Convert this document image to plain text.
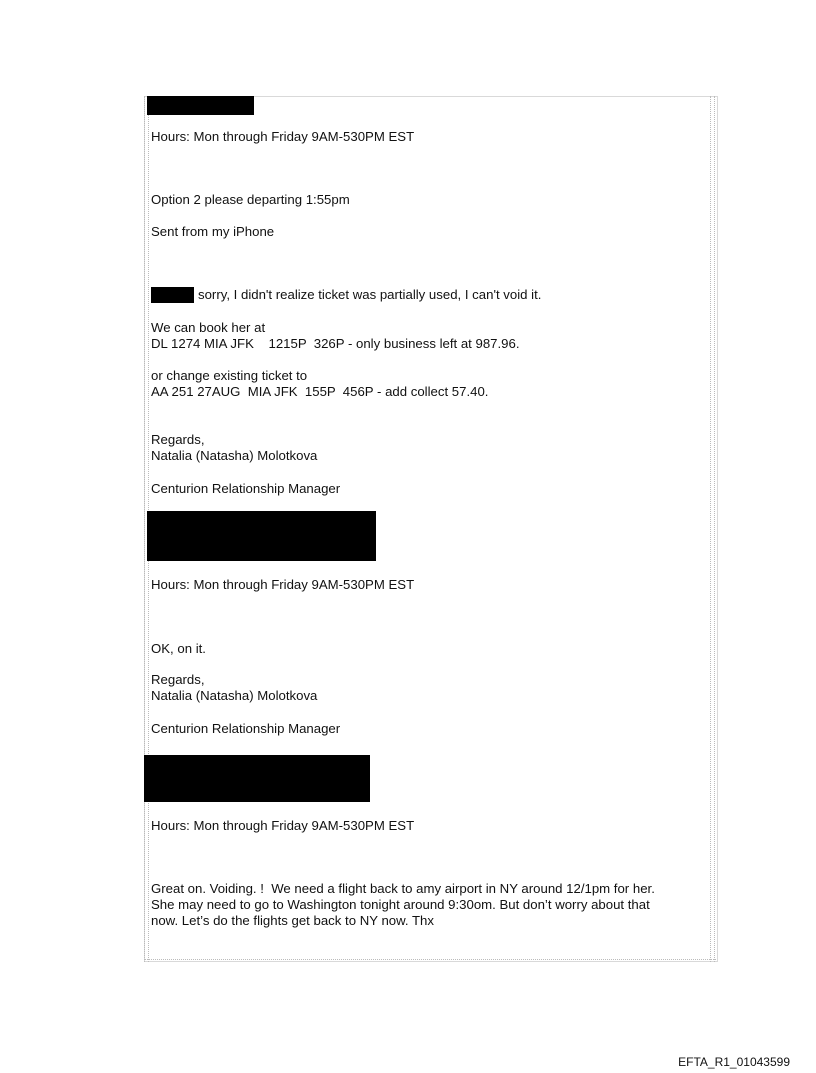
Hours: Mon through Friday 9AM-530PM EST
Option 2 please departing 1:55pm
Sent from my iPhone
sorry, I didn't realize ticket was partially used, I can't void it.
We can book her at
DL 1274 MIA JFK    1215P  326P - only business left at 987.96.
or change existing ticket to
AA 251 27AUG  MIA JFK  155P  456P - add collect 57.40.
Regards,
Natalia (Natasha) Molotkova
Centurion Relationship Manager
Hours: Mon through Friday 9AM-530PM EST
OK, on it.
Regards,
Natalia (Natasha) Molotkova
Centurion Relationship Manager
Hours: Mon through Friday 9AM-530PM EST
Great on. Voiding. !  We need a flight back to amy airport in NY around 12/1pm for her.
She may need to go to Washington tonight around 9:30om. But don’t worry about that
now. Let’s do the flights get back to NY now. Thx
EFTA_R1_01043599
